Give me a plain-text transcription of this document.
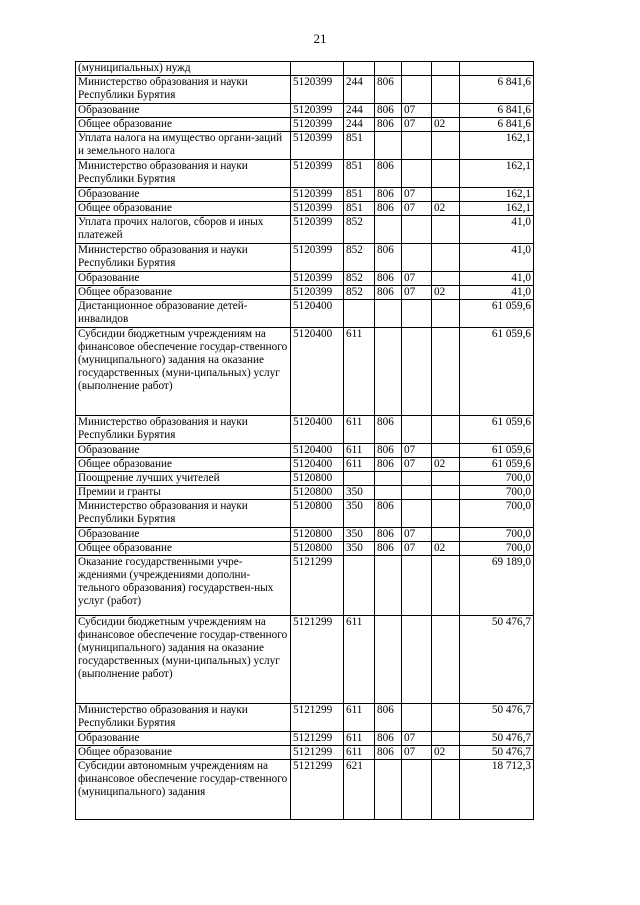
21
(муниципальных) нужд						
Министерство образования и науки Республики Бурятия	5120399	244	806			6 841,6
Образование	5120399	244	806	07		6 841,6
Общее образование	5120399	244	806	07	02	6 841,6
Уплата налога на имущество органи-заций и земельного налога	5120399	851				162,1
Министерство образования и науки Республики Бурятия	5120399	851	806			162,1
Образование	5120399	851	806	07		162,1
Общее образование	5120399	851	806	07	02	162,1
Уплата прочих налогов, сборов и иных платежей	5120399	852				41,0
Министерство образования и науки Республики Бурятия	5120399	852	806			41,0
Образование	5120399	852	806	07		41,0
Общее образование	5120399	852	806	07	02	41,0
Дистанционное образование детей-инвалидов	5120400					61 059,6
Субсидии бюджетным учреждениям на финансовое обеспечение государ-ственного (муниципального) задания на оказание государственных (муни-ципальных) услуг (выполнение работ)	5120400	611				61 059,6
Министерство образования и науки Республики Бурятия	5120400	611	806			61 059,6
Образование	5120400	611	806	07		61 059,6
Общее образование	5120400	611	806	07	02	61 059,6
Поощрение лучших учителей	5120800					700,0
Премии и гранты	5120800	350				700,0
Министерство образования и науки Республики Бурятия	5120800	350	806			700,0
Образование	5120800	350	806	07		700,0
Общее образование	5120800	350	806	07	02	700,0
Оказание государственными учре-ждениями (учреждениями дополни-тельного образования) государствен-ных услуг (работ)	5121299					69 189,0
Субсидии бюджетным учреждениям на финансовое обеспечение государ-ственного (муниципального) задания на оказание государственных (муни-ципальных) услуг (выполнение работ)	5121299	611				50 476,7
Министерство образования и науки Республики Бурятия	5121299	611	806			50 476,7
Образование	5121299	611	806	07		50 476,7
Общее образование	5121299	611	806	07	02	50 476,7
Субсидии автономным учреждениям на финансовое обеспечение государ-ственного (муниципального) задания	5121299	621				18 712,3
